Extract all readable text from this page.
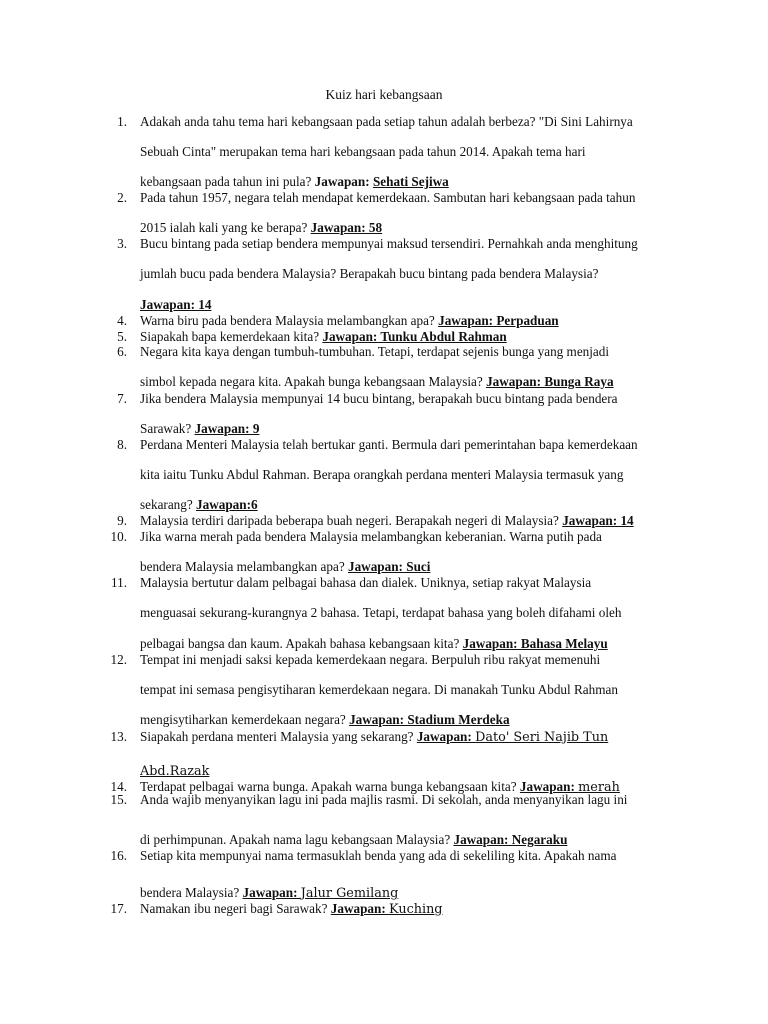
Kuiz hari kebangsaan
1. Adakah anda tahu tema hari kebangsaan pada setiap tahun adalah berbeza? "Di Sini Lahirnya
Sebuah Cinta" merupakan tema hari kebangsaan pada tahun 2014. Apakah tema hari
kebangsaan pada tahun ini pula? Jawapan: Sehati Sejiwa
2. Pada tahun 1957, negara telah mendapat kemerdekaan. Sambutan hari kebangsaan pada tahun
2015 ialah kali yang ke berapa? Jawapan: 58
3. Bucu bintang pada setiap bendera mempunyai maksud tersendiri. Pernahkah anda menghitung
jumlah bucu pada bendera Malaysia? Berapakah bucu bintang pada bendera Malaysia?
Jawapan: 14
4. Warna biru pada bendera Malaysia melambangkan apa? Jawapan: Perpaduan
5. Siapakah bapa kemerdekaan kita? Jawapan: Tunku Abdul Rahman
6. Negara kita kaya dengan tumbuh-tumbuhan. Tetapi, terdapat sejenis bunga yang menjadi
simbol kepada negara kita. Apakah bunga kebangsaan Malaysia? Jawapan: Bunga Raya
7. Jika bendera Malaysia mempunyai 14 bucu bintang, berapakah bucu bintang pada bendera
Sarawak? Jawapan: 9
8. Perdana Menteri Malaysia telah bertukar ganti. Bermula dari pemerintahan bapa kemerdekaan
kita iaitu Tunku Abdul Rahman. Berapa orangkah perdana menteri Malaysia termasuk yang
sekarang? Jawapan:6
9. Malaysia terdiri daripada beberapa buah negeri. Berapakah negeri di Malaysia? Jawapan: 14
10. Jika warna merah pada bendera Malaysia melambangkan keberanian. Warna putih pada
bendera Malaysia melambangkan apa? Jawapan: Suci
11. Malaysia bertutur dalam pelbagai bahasa dan dialek. Uniknya, setiap rakyat Malaysia
menguasai sekurang-kurangnya 2 bahasa. Tetapi, terdapat bahasa yang boleh difahami oleh
pelbagai bangsa dan kaum. Apakah bahasa kebangsaan kita? Jawapan: Bahasa Melayu
12. Tempat ini menjadi saksi kepada kemerdekaan negara. Berpuluh ribu rakyat memenuhi
tempat ini semasa pengisytiharan kemerdekaan negara. Di manakah Tunku Abdul Rahman
mengisytiharkan kemerdekaan negara? Jawapan: Stadium Merdeka
13. Siapakah perdana menteri Malaysia yang sekarang? Jawapan: Dato' Seri Najib Tun
Abd.Razak
14. Terdapat pelbagai warna bunga. Apakah warna bunga kebangsaan kita? Jawapan: merah
15. Anda wajib menyanyikan lagu ini pada majlis rasmi. Di sekolah, anda menyanyikan lagu ini
di perhimpunan. Apakah nama lagu kebangsaan Malaysia? Jawapan: Negaraku
16. Setiap kita mempunyai nama termasuklah benda yang ada di sekeliling kita. Apakah nama
bendera Malaysia? Jawapan: Jalur Gemilang
17. Namakan ibu negeri bagi Sarawak? Jawapan: Kuching
